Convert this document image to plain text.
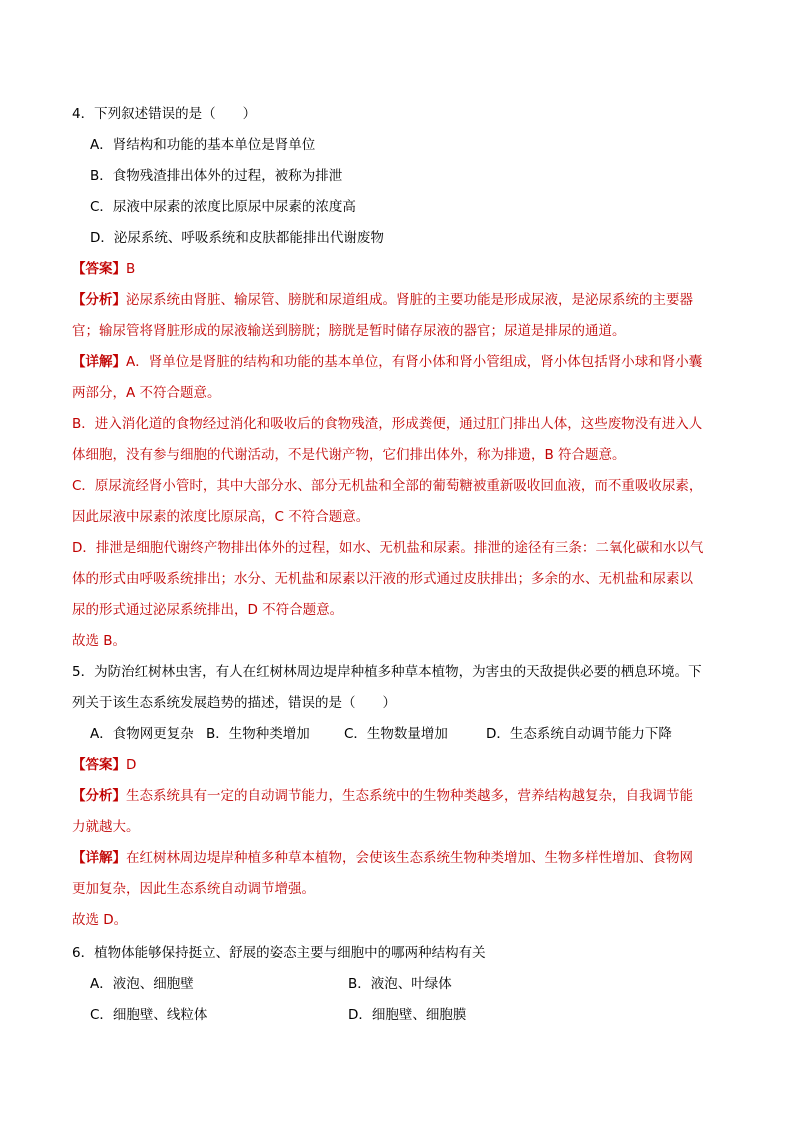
4．下列叙述错误的是（　　）
A．肾结构和功能的基本单位是肾单位
B．食物残渣排出体外的过程，被称为排泄
C．尿液中尿素的浓度比原尿中尿素的浓度高
D．泌尿系统、呼吸系统和皮肤都能排出代谢废物
【答案】B
【分析】泌尿系统由肾脏、输尿管、膀胱和尿道组成。肾脏的主要功能是形成尿液，是泌尿系统的主要器
官；输尿管将肾脏形成的尿液输送到膀胱；膀胱是暂时储存尿液的器官；尿道是排尿的通道。
【详解】A．肾单位是肾脏的结构和功能的基本单位，有肾小体和肾小管组成，肾小体包括肾小球和肾小囊
两部分，A 不符合题意。
B．进入消化道的食物经过消化和吸收后的食物残渣，形成粪便，通过肛门排出人体，这些废物没有进入人
体细胞，没有参与细胞的代谢活动，不是代谢产物，它们排出体外，称为排遗，B 符合题意。
C．原尿流经肾小管时，其中大部分水、部分无机盐和全部的葡萄糖被重新吸收回血液，而不重吸收尿素，
因此尿液中尿素的浓度比原尿高，C 不符合题意。
D．排泄是细胞代谢终产物排出体外的过程，如水、无机盐和尿素。排泄的途径有三条：二氧化碳和水以气
体的形式由呼吸系统排出；水分、无机盐和尿素以汗液的形式通过皮肤排出；多余的水、无机盐和尿素以
尿的形式通过泌尿系统排出，D 不符合题意。
故选 B。
5．为防治红树林虫害，有人在红树林周边堤岸种植多种草本植物，为害虫的天敌提供必要的栖息环境。下
列关于该生态系统发展趋势的描述，错误的是（　　）
A．食物网更复杂 B．生物种类增加	C．生物数量增加	D．生态系统自动调节能力下降
【答案】D
【分析】生态系统具有一定的自动调节能力，生态系统中的生物种类越多，营养结构越复杂，自我调节能
力就越大。
【详解】在红树林周边堤岸种植多种草本植物，会使该生态系统生物种类增加、生物多样性增加、食物网
更加复杂，因此生态系统自动调节增强。
故选 D。
6．植物体能够保持挺立、舒展的姿态主要与细胞中的哪两种结构有关
A．液泡、细胞壁	B．液泡、叶绿体
C．细胞壁、线粒体	D．细胞壁、细胞膜
